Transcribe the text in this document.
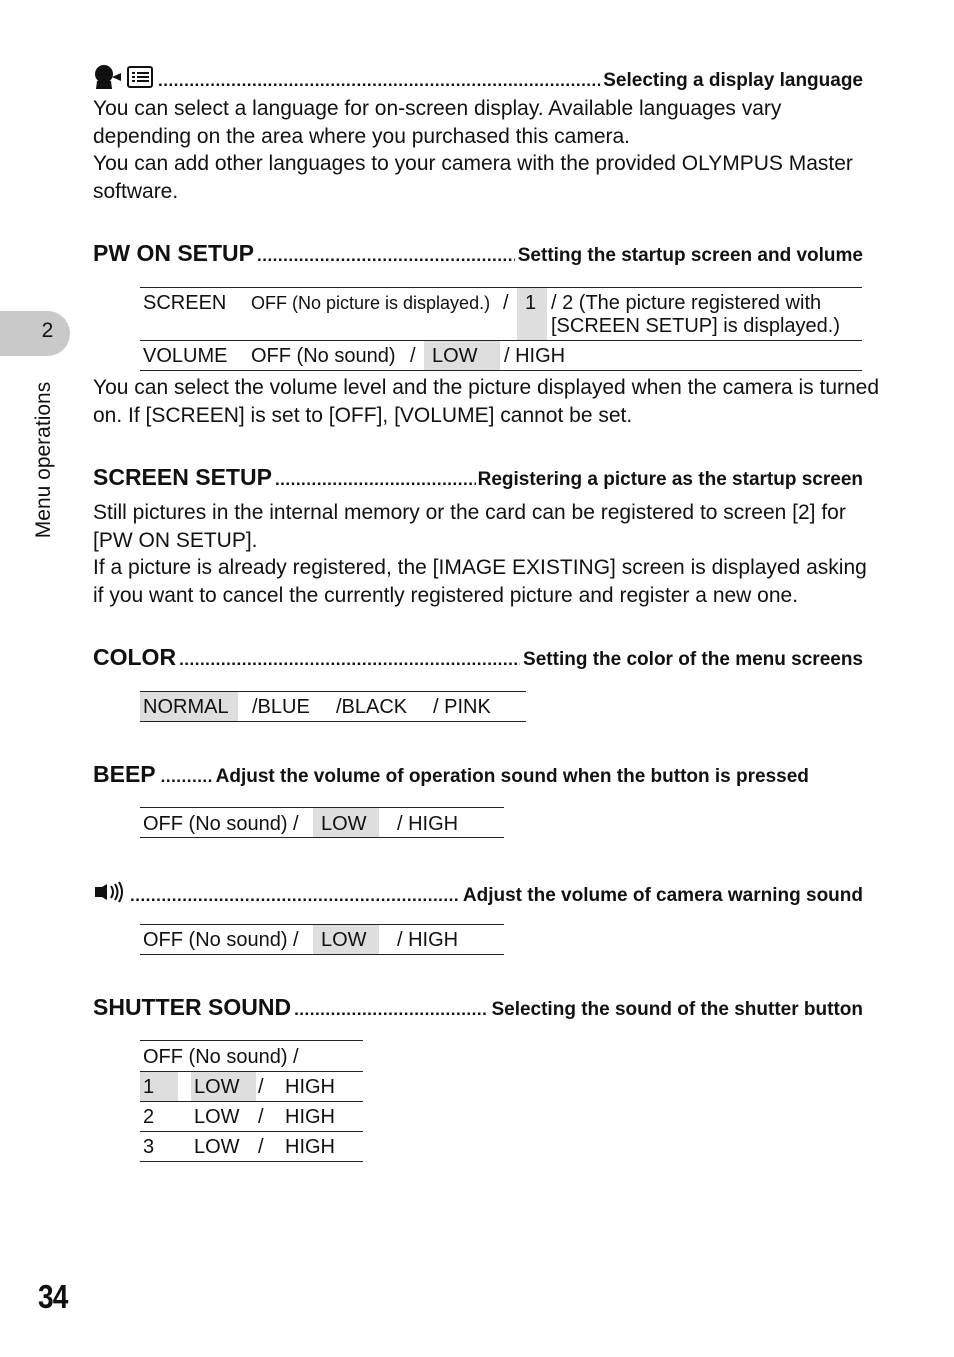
2
Menu operations
.....
Selecting a display language

You can select a language for on-screen display. Available languages vary depending on the area where you purchased this camera.

You can add other languages to your camera with the provided OLYMPUS Master software.

PW ON SETUP .....	Setting the startup screen and volume
SCREEN OFF (No picture is displayed.) / 1 / 2 (The picture registered with
[SCREEN SETUP] is displayed.)
VOLUME OFF (No sound) / LOW / HIGH

You can select the volume level and the picture displayed when the camera is turned on. If [SCREEN] is set to [OFF], [VOLUME] cannot be set.

SCREEN SETUP .....	Registering a picture as the startup screen

Still pictures in the internal memory or the card can be registered to screen [2] for [PW ON SETUP].

If a picture is already registered, the [IMAGE EXISTING] screen is displayed asking if you want to cancel the currently registered picture and register a new one.

COLOR .....	Setting the color of the menu screens
NORMAL /BLUE /BLACK / PINK
BEEP .....	Adjust the volume of operation sound when the button is pressed
OFF (No sound) / LOW / HIGH
.....
Adjust the volume of camera warning sound
OFF (No sound) / LOW / HIGH
SHUTTER SOUND .....	Selecting the sound of the shutter button
OFF (No sound) /
1 LOW / HIGH
2 LOW / HIGH
3 LOW / HIGH
34
